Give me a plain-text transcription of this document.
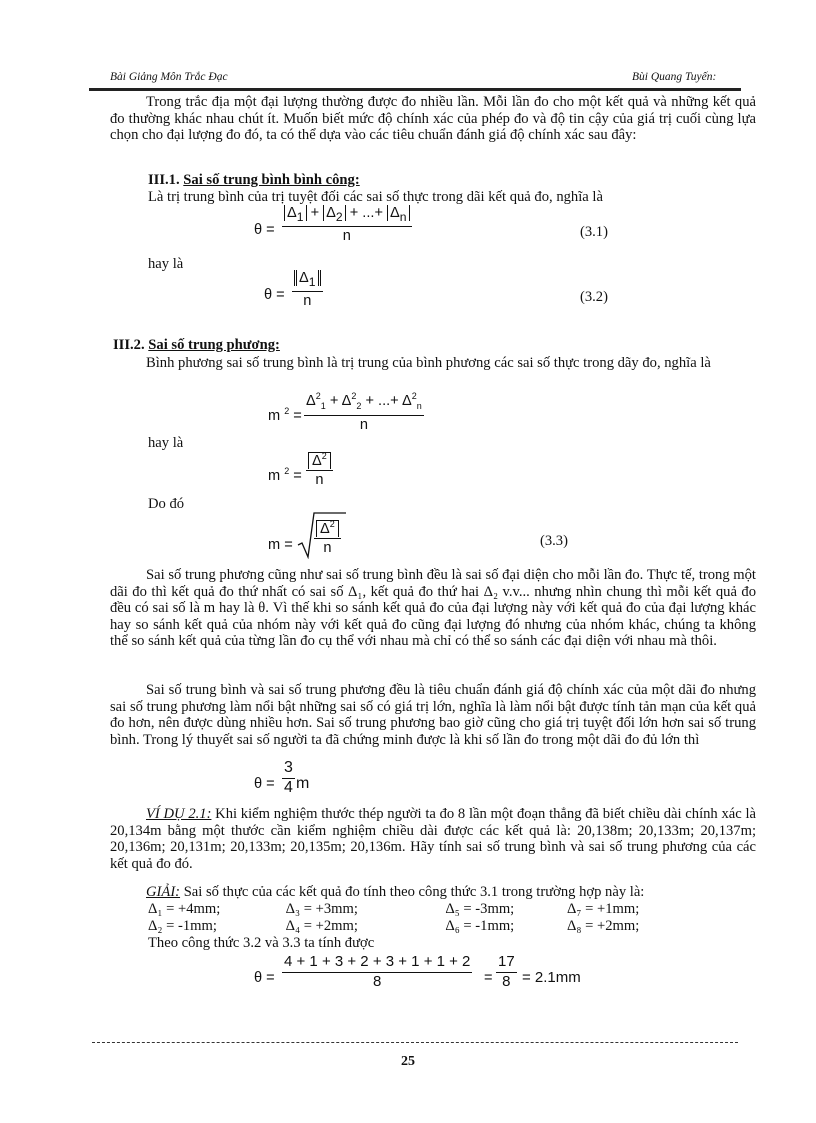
Bài Giảng Môn Trắc Đạc	Bùi Quang Tuyến:
Trong trắc địa một đại lượng thường được đo nhiều lần. Mỗi lần đo cho một kết quả và những kết quả đo thường khác nhau chút ít. Muốn biết mức độ chính xác của phép đo và độ tin cậy của giá trị cuối cùng lựa chọn cho đại lượng đo đó, ta có thể dựa vào các tiêu chuẩn đánh giá độ chính xác sau đây:
III.1. Sai số trung bình bình công:
Là trị trung bình của trị tuyệt đối các sai số thực trong dãi kết quả đo, nghĩa là
θ =
$\Delta_1 + \Delta_2$ + ...+ $\Delta_n$
n	(3.1)
hay là
θ =
$\Delta_1$
n	(3.2)
III.2. Sai số trung phương:
Bình phương sai số trung bình là trị trung của bình phương các sai số thực trong dãy đo, nghĩa là
m $^2$ =
$\Delta^2_1 + \Delta^2_2$ + ...+ $\Delta^2_n$
n
hay là
m $^2$ =
$\Delta^2$
n
Do đó
m =
$\Delta^2$
n	(3.3)
Sai số trung phương cũng như sai số trung bình đều là sai số đại diện cho mỗi lần đo. Thực tế, trong một dãi đo thì kết quả đo thứ nhất có sai số Δ₁, kết quả đo thứ hai Δ₂ v.v... nhưng nhìn chung thì mỗi kết quả đo đều có sai số là m hay là θ. Vì thế khi so sánh kết quả đo của đại lượng này với kết quả đo của đại lượng khác hay so sánh kết quả của nhóm này với kết quả đo cũng đại lượng đó nhưng của nhóm khác, chúng ta không thể so sánh kết quả của từng lần đo cụ thể với nhau mà chỉ có thể so sánh các đại diện với nhau mà thôi.
Sai số trung bình và sai số trung phương đều là tiêu chuẩn đánh giá độ chính xác của một dãi đo nhưng sai số trung phương làm nổi bật những sai số có giá trị lớn, nghĩa là làm nổi bật được tính tản mạn của kết quả đo hơn, nên được dùng nhiều hơn. Sai số trung phương bao giờ cũng cho giá trị tuyệt đối lớn hơn sai số trung bình. Trong lý thuyết sai số người ta đã chứng minh được là khi số lần đo trong một dãi đo đủ lớn thì
θ =
3
4 m
VÍ DỤ 2.1: Khi kiểm nghiệm thước thép người ta đo 8 lần một đoạn thẳng đã biết chiều dài chính xác là 20,134m bằng một thước cần kiểm nghiệm chiều dài được các kết quả là: 20,138m; 20,133m; 20,137m; 20,136m; 20,131m; 20,133m; 20,135m; 20,136m. Hãy tính sai số trung bình và sai số trung phương của các kết quả đo đó.
GIẢI: Sai số thực của các kết quả đo tính theo công thức 3.1 trong trường hợp này là:
Δ₁ = +4mm;	Δ₃ = +3mm;	Δ₅ = -3mm;	Δ₇ = +1mm;
Δ₂ = -1mm;	Δ₄ = +2mm;	Δ₆ = -1mm;	Δ₈ = +2mm;
Theo công thức 3.2 và 3.3 ta tính được
θ =
4 + 1 + 3 + 2 + 3 + 1 + 1 + 2
8	=
17
8 = 2.1mm
25
